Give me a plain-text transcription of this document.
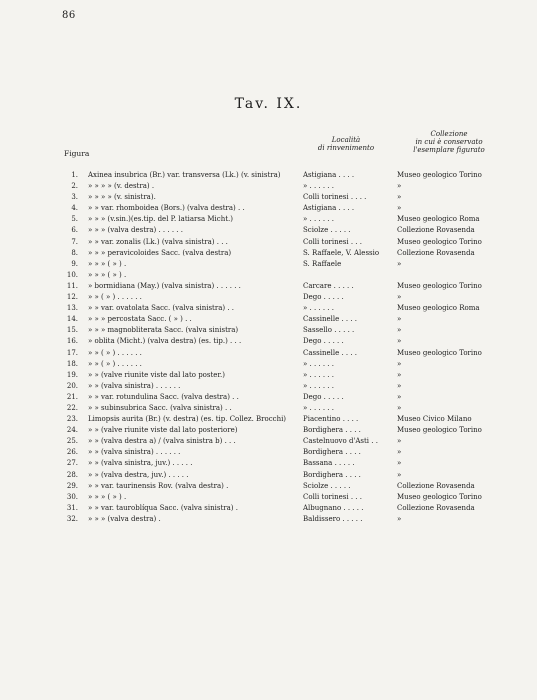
86
Tav. IX.
Figura
Località
di rinvenimento
Collezione
in cui è conservato
l'esemplare figurato
1. Axinea insubrica (Br.) var. transversa (Lk.) (v. sinistra)	Astigiana . . . .	Museo geologico Torino
2. » » » » (v. destra) .	» . . . . . .	»
3. » » » » (v. sinistra).	Colli torinesi . . . .	»
4. » » var. rhomboidea (Bors.) (valva destra) . .	Astigiana . . . .	»
5. » » » (v.sin.)(es.tip. del P. latiarsa Micht.)	» . . . . . .	Museo geologico Roma
6. » » » (valva destra) . . . . . .	Sciolze . . . . .	Collezione Rovasenda
7. » » var. zonalis (Lk.) (valva sinistra) . . .	Colli torinesi . . .	Museo geologico Torino
8. » » » peravicoloides Sacc. (valva destra)	S. Raffaele, V. Alessio	Collezione Rovasenda
9. » » » ( » ) .	S. Raffaele	»
10. » » » ( » ) .
11. » bormidiana (May.) (valva sinistra) . . . . . .	Carcare . . . . .	Museo geologico Torino
12. » » ( » ) . . . . . .	Dego . . . . .	»
13. » » var. ovatolata Sacc. (valva sinistra) . .	» . . . . . .	Museo geologico Roma
14. » » » percostata Sacc. ( » ) . .	Cassinelle . . . .	»
15. » » » magnobliterata Sacc. (valva sinistra)	Sassello . . . . .	»
16. » oblita (Micht.) (valva destra) (es. tip.) . . .	Dego . . . . .	»
17. » » ( » ) . . . . . .	Cassinelle . . . .	Museo geologico Torino
18. » » ( » ) . . . . . .	» . . . . . .	»
19. » » (valve riunite viste dal lato poster.)	» . . . . . .	»
20. » » (valva sinistra) . . . . . .	» . . . . . .	»
21. » » var. rotundulina Sacc. (valva destra) . .	Dego . . . . .	»
22. » » subinsubrica Sacc. (valva sinistra) . .	» . . . . . .	»
23. Limopsis aurita (Br.) (v. destra) (es. tip. Collez. Brocchi)	Piacentino . . . .	Museo Civico Milano
24. » » (valve riunite viste dal lato posteriore)	Bordighera . . . .	Museo geologico Torino
25. » » (valva destra a) / (valva sinistra b) . . .	Castelnuovo d'Asti . .	»
26. » » (valva sinistra) . . . . . .	Bordighera . . . .	»
27. » » (valva sinistra, juv.) . . . . .	Bassana . . . . .	»
28. » » (valva destra, juv.) . . . . .	Bordighera . . . .	»
29. » » var. taurinensis Rov. (valva destra) .	Sciolze . . . . .	Collezione Rovasenda
30. » » » ( » ) .	Colli torinesi . . .	Museo geologico Torino
31. » » var. tauroblíqua Sacc. (valva sinistra) .	Albugnano . . . . .	Collezione Rovasenda
32. » » » (valva destra) .	Baldissero . . . . .	»
